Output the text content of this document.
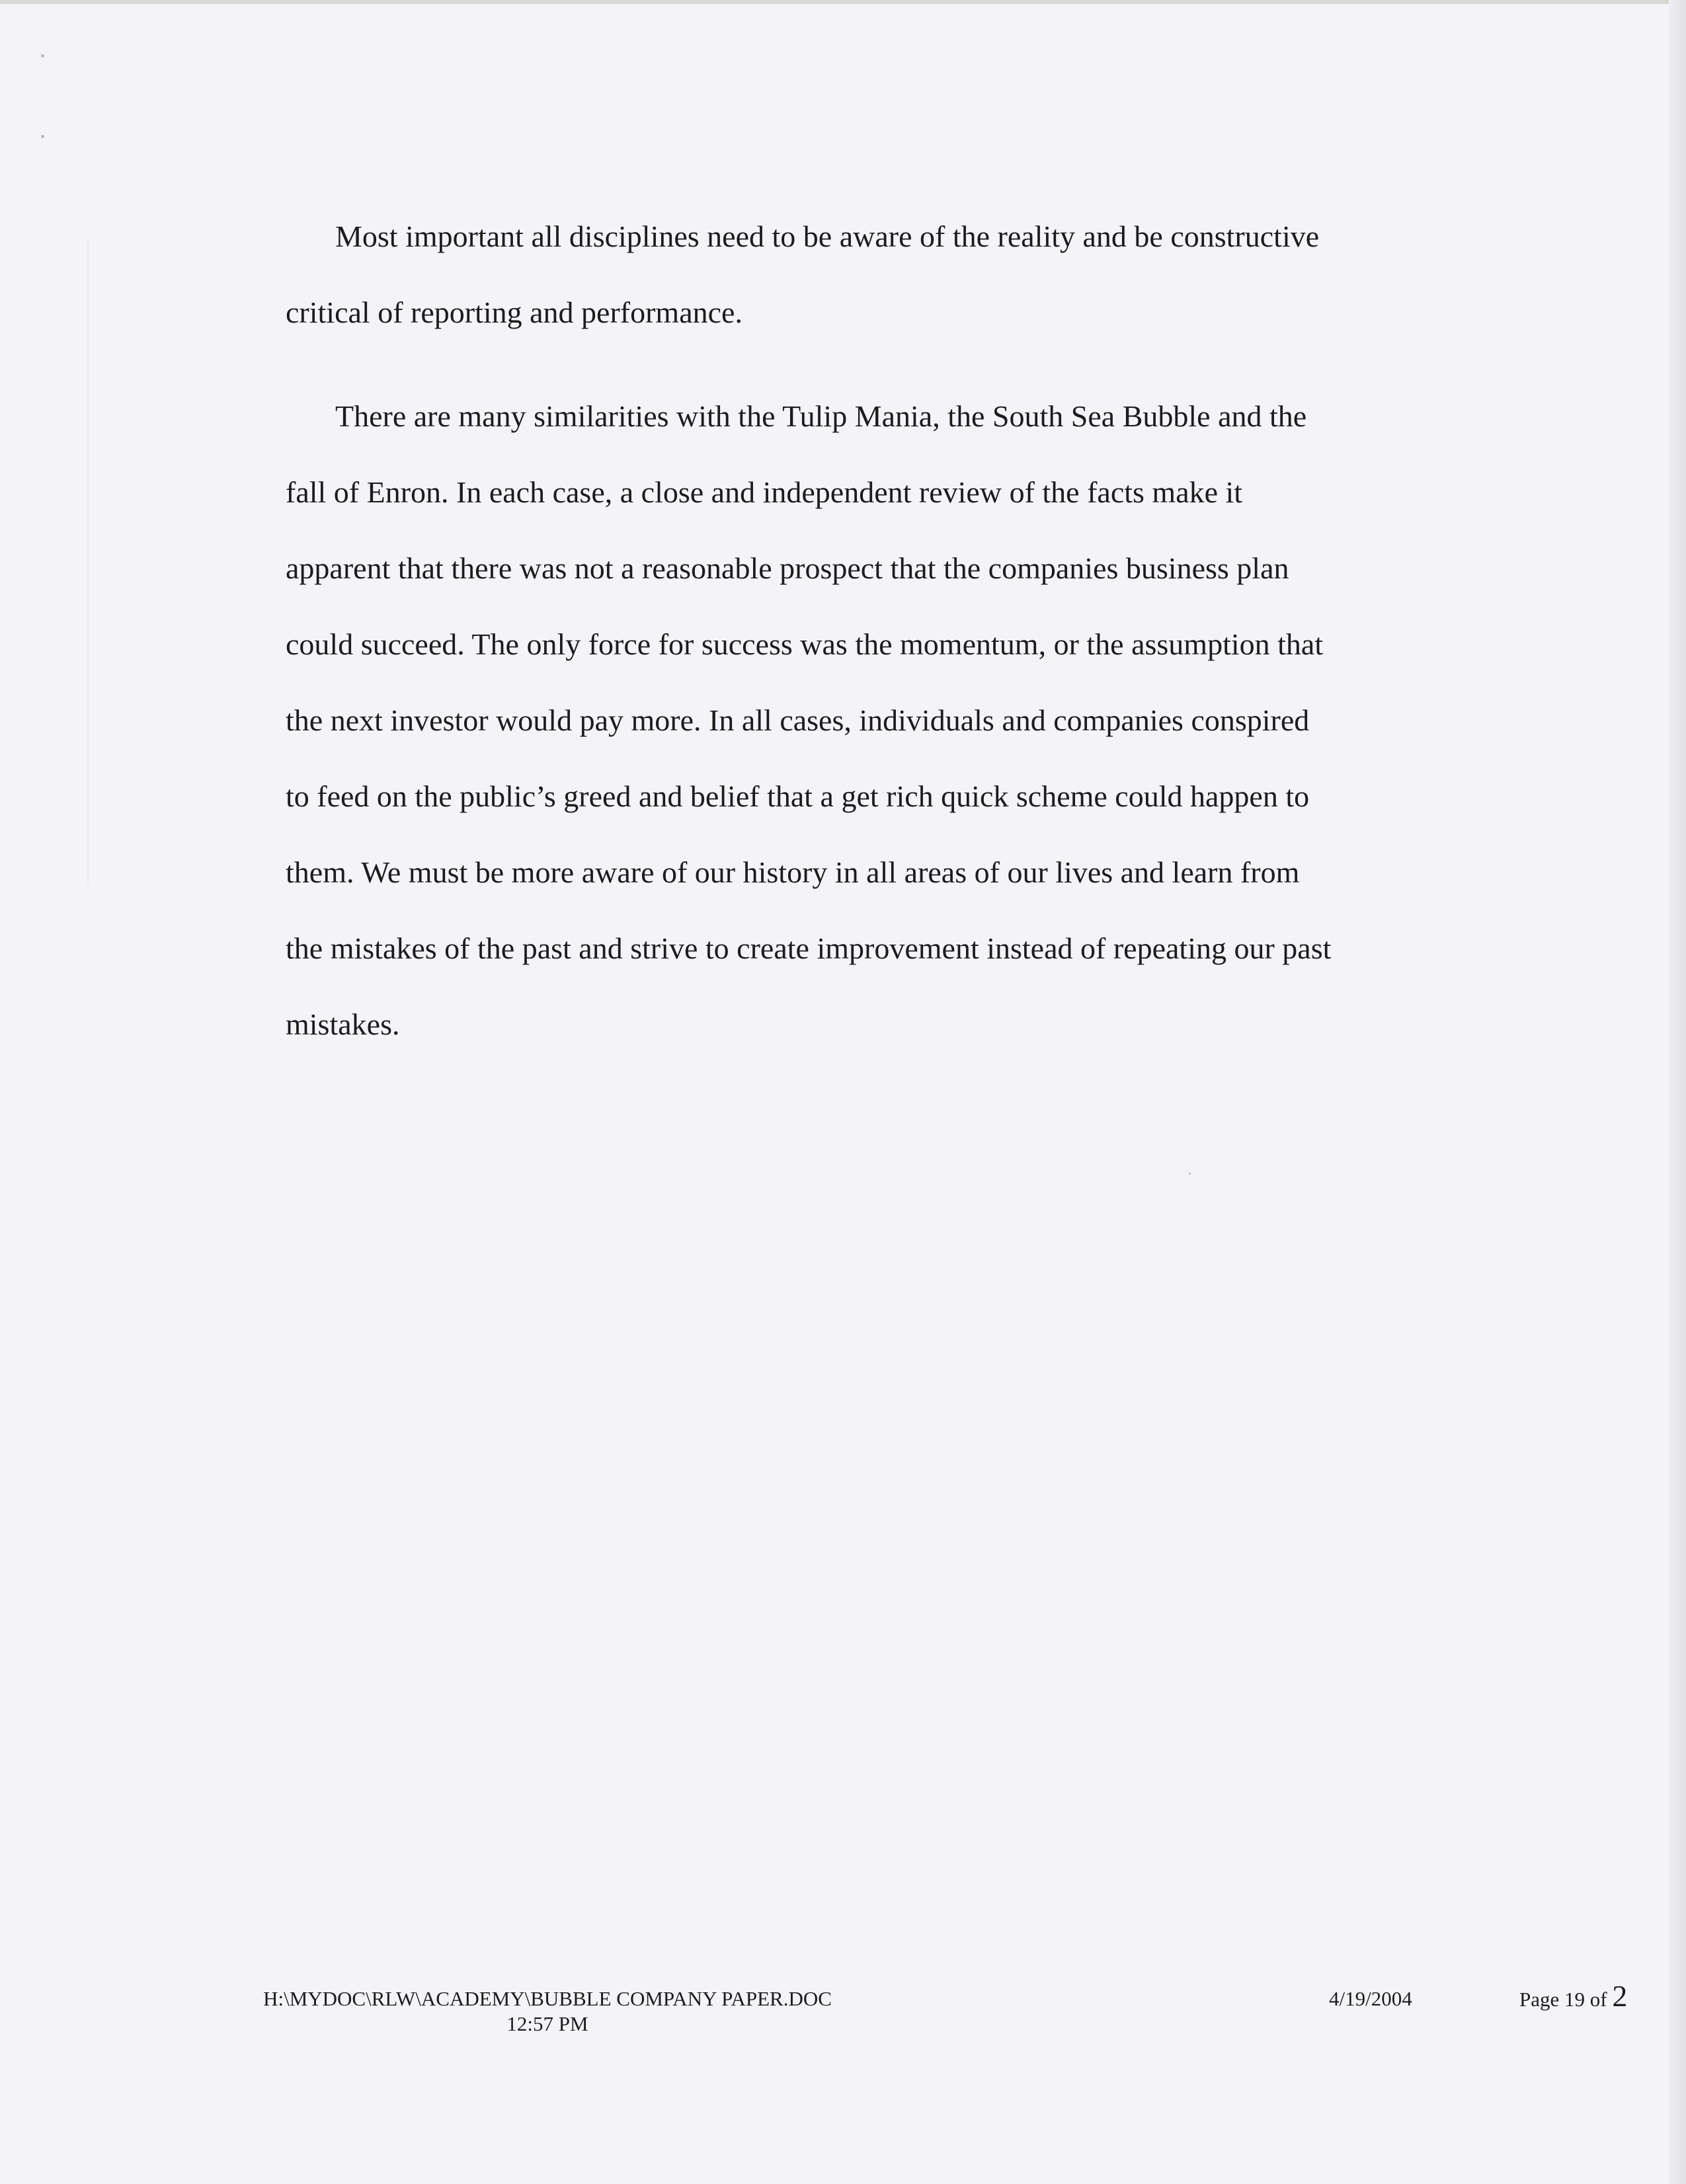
Most important all disciplines need to be aware of the reality and be constructive
critical of reporting and performance.

There are many similarities with the Tulip Mania, the South Sea Bubble and the
fall of Enron. In each case, a close and independent review of the facts make it
apparent that there was not a reasonable prospect that the companies business plan
could succeed. The only force for success was the momentum, or the assumption that
the next investor would pay more. In all cases, individuals and companies conspired
to feed on the public’s greed and belief that a get rich quick scheme could happen to
them. We must be more aware of our history in all areas of our lives and learn from
the mistakes of the past and strive to create improvement instead of repeating our past
mistakes.

H:\MYDOC\RLW\ACADEMY\BUBBLE COMPANY PAPER.DOC
12:57 PM
4/19/2004	Page 19 of 2
